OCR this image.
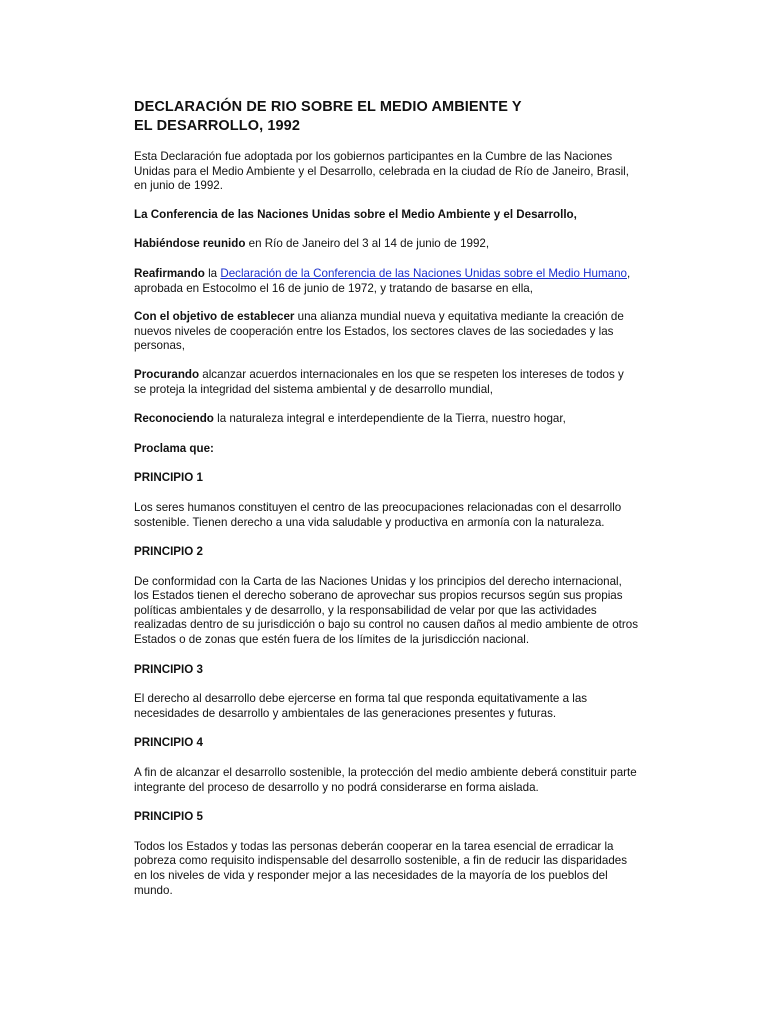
DECLARACIÓN DE RIO SOBRE EL MEDIO AMBIENTE Y EL DESARROLLO, 1992

Esta Declaración fue adoptada por los gobiernos participantes en la Cumbre de las Naciones Unidas para el Medio Ambiente y el Desarrollo, celebrada en la ciudad de Río de Janeiro, Brasil, en junio de 1992.

La Conferencia de las Naciones Unidas sobre el Medio Ambiente y el Desarrollo,

Habiéndose reunido en Río de Janeiro del 3 al 14 de junio de 1992,

Reafirmando la Declaración de la Conferencia de las Naciones Unidas sobre el Medio Humano, aprobada en Estocolmo el 16 de junio de 1972, y tratando de basarse en ella,

Con el objetivo de establecer una alianza mundial nueva y equitativa mediante la creación de nuevos niveles de cooperación entre los Estados, los sectores claves de las sociedades y las personas,

Procurando alcanzar acuerdos internacionales en los que se respeten los intereses de todos y se proteja la integridad del sistema ambiental y de desarrollo mundial,

Reconociendo la naturaleza integral e interdependiente de la Tierra, nuestro hogar,

Proclama que:

PRINCIPIO 1

Los seres humanos constituyen el centro de las preocupaciones relacionadas con el desarrollo sostenible. Tienen derecho a una vida saludable y productiva en armonía con la naturaleza.

PRINCIPIO 2

De conformidad con la Carta de las Naciones Unidas y los principios del derecho internacional, los Estados tienen el derecho soberano de aprovechar sus propios recursos según sus propias políticas ambientales y de desarrollo, y la responsabilidad de velar por que las actividades realizadas dentro de su jurisdicción o bajo su control no causen daños al medio ambiente de otros Estados o de zonas que estén fuera de los límites de la jurisdicción nacional.

PRINCIPIO 3

El derecho al desarrollo debe ejercerse en forma tal que responda equitativamente a las necesidades de desarrollo y ambientales de las generaciones presentes y futuras.

PRINCIPIO 4

A fin de alcanzar el desarrollo sostenible, la protección del medio ambiente deberá constituir parte integrante del proceso de desarrollo y no podrá considerarse en forma aislada.

PRINCIPIO 5

Todos los Estados y todas las personas deberán cooperar en la tarea esencial de erradicar la pobreza como requisito indispensable del desarrollo sostenible, a fin de reducir las disparidades en los niveles de vida y responder mejor a las necesidades de la mayoría de los pueblos del mundo.
